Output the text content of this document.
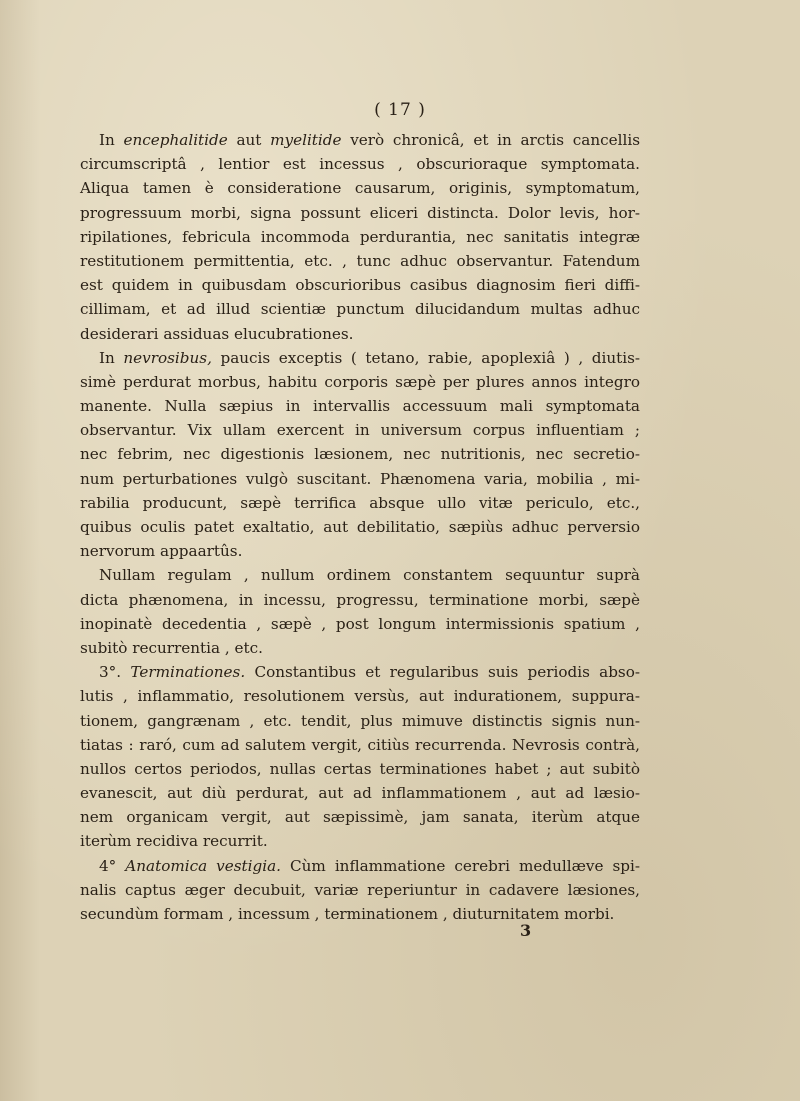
( 17 )
In encephalitide aut myelitide verò chronicâ, et in arctis cancellis
circumscriptâ , lentior est incessus , obscurioraque symptomata.
Aliqua tamen è consideratione causarum, originis, symptomatum,
progressuum morbi, signa possunt eliceri distincta. Dolor levis, hor-
ripilationes, febricula incommoda perdurantia, nec sanitatis integræ
restitutionem permittentia, etc. , tunc adhuc observantur. Fatendum
est quidem in quibusdam obscurioribus casibus diagnosim fieri diffi-
cillimam, et ad illud scientiæ punctum dilucidandum multas adhuc
desiderari assiduas elucubrationes.
In nevrosibus, paucis exceptis ( tetano, rabie, apoplexiâ ) , diutis-
simè perdurat morbus, habitu corporis sæpè per plures annos integro
manente. Nulla sæpius in intervallis accessuum mali symptomata
observantur. Vix ullam exercent in universum corpus influentiam ;
nec febrim, nec digestionis læsionem, nec nutritionis, nec secretio-
num perturbationes vulgò suscitant. Phænomena varia, mobilia , mi-
rabilia producunt, sæpè terrifica absque ullo vitæ periculo, etc.,
quibus oculis patet exaltatio, aut debilitatio, sæpiùs adhuc perversio
nervorum appaartûs.
Nullam regulam , nullum ordinem constantem sequuntur suprà
dicta phænomena, in incessu, progressu, terminatione morbi, sæpè
inopinatè decedentia , sæpè , post longum intermissionis spatium ,
subitò recurrentia , etc.
3°. Terminationes. Constantibus et regularibus suis periodis abso-
lutis , inflammatio, resolutionem versùs, aut indurationem, suppura-
tionem, gangrænam , etc. tendit, plus mimuve distinctis signis nun-
tiatas : raró, cum ad salutem vergit, citiùs recurrenda. Nevrosis contrà,
nullos certos periodos, nullas certas terminationes habet ; aut subitò
evanescit, aut diù perdurat, aut ad inflammationem , aut ad læsio-
nem organicam vergit, aut sæpissimè, jam sanata, iterùm atque
iterùm recidiva recurrit.
4° Anatomica vestigia. Cùm inflammatione cerebri medullæve spi-
nalis captus æger decubuit, variæ reperiuntur in cadavere læsiones,
secundùm formam , incessum , terminationem , diuturnitatem morbi.
3
